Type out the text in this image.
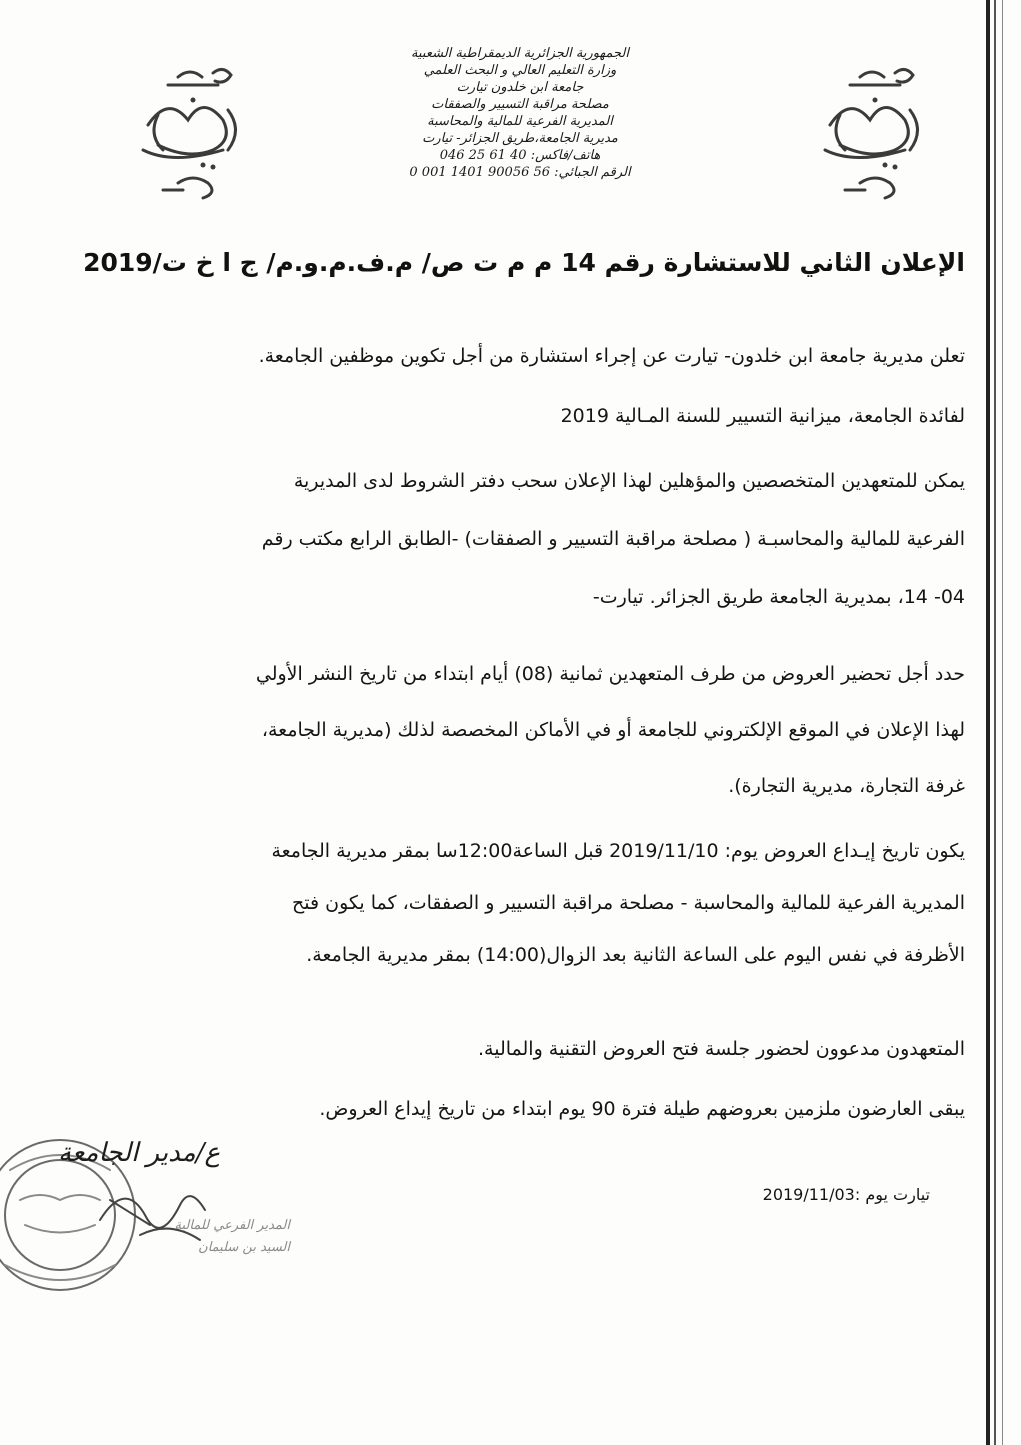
الجمهورية الجزائرية الديمقراطية الشعبية
وزارة التعليم العالي و البحث العلمي
جامعة ابن خلدون تيارت
مصلحة مراقبة التسيير والصفقات
المديرية الفرعية للمالية والمحاسبة
مديرية الجامعة،طريق الجزائر- تيارت
هاتف/فاكس: 40 61 25 046
الرقم الجبائي: 56 90056 1401 001 0
الإعلان الثاني للاستشارة رقم 14 م م ت ص/ م.ف.م.و.م/ ج ا خ ت/2019
تعلن مديرية جامعة ابن خلدون- تيارت عن إجراء استشارة من أجل تكوين موظفين الجامعة.
لفائدة الجامعة، ميزانية التسيير للسنة المـالية 2019
يمكن للمتعهدين المتخصصين والمؤهلين لهذا الإعلان سحب دفتر الشروط لدى المديرية
الفرعية للمالية والمحاسبـة ( مصلحة مراقبة التسيير و الصفقات) -الطابق الرابع مكتب رقم
04- 14، بمديرية الجامعة طريق الجزائر. تيارت-
حدد أجل تحضير العروض من طرف المتعهدين ثمانية (08) أيام ابتداء من تاريخ النشر الأولي
لهذا الإعلان في الموقع الإلكتروني للجامعة أو في الأماكن المخصصة لذلك (مديرية الجامعة،
غرفة التجارة، مديرية التجارة).
يكون تاريخ إيـداع العروض يوم: 2019/11/10 قبل الساعة12:00سا بمقر مديرية الجامعة
المديرية الفرعية للمالية والمحاسبة - مصلحة مراقبة التسيير و الصفقات، كما يكون فتح
الأظرفة في نفس اليوم على الساعة الثانية بعد الزوال(14:00) بمقر مديرية الجامعة.
المتعهدون مدعوون لحضور جلسة فتح العروض التقنية والمالية.
يبقى العارضون ملزمين بعروضهم طيلة فترة 90 يوم ابتداء من تاريخ إيداع العروض.
تيارت يوم :2019/11/03
ع/مدير الجامعة
المدير الفرعي للمالية
السيد بن سليمان
